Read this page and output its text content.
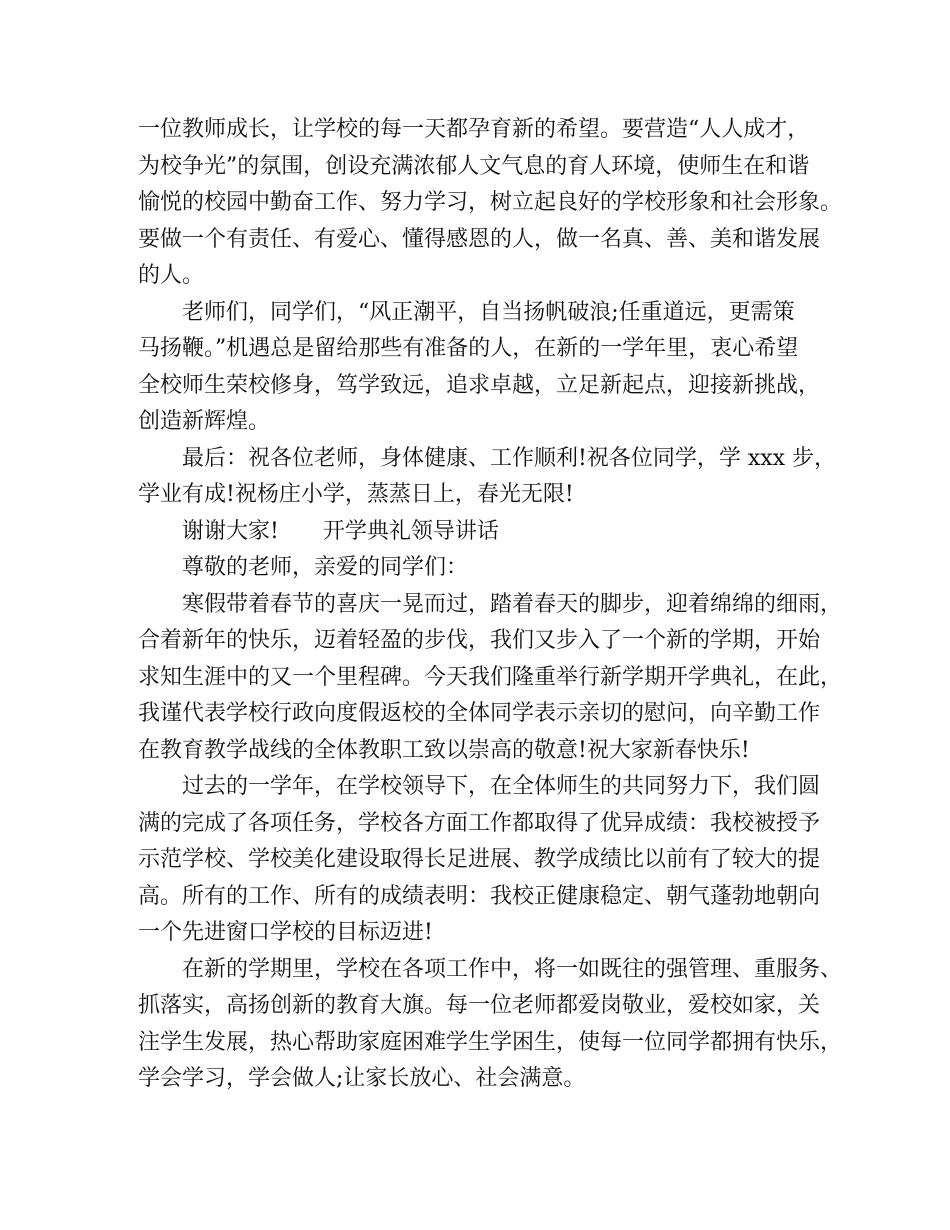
一位教师成长，让学校的每一天都孕育新的希望。要营造“人人成才，
为校争光”的氛围，创设充满浓郁人文气息的育人环境，使师生在和谐
愉悦的校园中勤奋工作、努力学习，树立起良好的学校形象和社会形象。
要做一个有责任、有爱心、懂得感恩的人，做一名真、善、美和谐发展
的人。
老师们，同学们，“风正潮平，自当扬帆破浪;任重道远，更需策
马扬鞭。”机遇总是留给那些有准备的人，在新的一学年里，衷心希望
全校师生荣校修身，笃学致远，追求卓越，立足新起点，迎接新挑战，
创造新辉煌。
最后：祝各位老师，身体健康、工作顺利!祝各位同学，学 xxx 步，
学业有成!祝杨庄小学，蒸蒸日上，春光无限!
谢谢大家! 开学典礼领导讲话
尊敬的老师，亲爱的同学们：
寒假带着春节的喜庆一晃而过，踏着春天的脚步，迎着绵绵的细雨，
合着新年的快乐，迈着轻盈的步伐，我们又步入了一个新的学期，开始
求知生涯中的又一个里程碑。今天我们隆重举行新学期开学典礼，在此，
我谨代表学校行政向度假返校的全体同学表示亲切的慰问，向辛勤工作
在教育教学战线的全体教职工致以崇高的敬意!祝大家新春快乐!
过去的一学年，在学校领导下，在全体师生的共同努力下，我们圆
满的完成了各项任务，学校各方面工作都取得了优异成绩：我校被授予
示范学校、学校美化建设取得长足进展、教学成绩比以前有了较大的提
高。所有的工作、所有的成绩表明：我校正健康稳定、朝气蓬勃地朝向
一个先进窗口学校的目标迈进!
在新的学期里，学校在各项工作中，将一如既往的强管理、重服务、
抓落实，高扬创新的教育大旗。每一位老师都爱岗敬业，爱校如家，关
注学生发展，热心帮助家庭困难学生学困生，使每一位同学都拥有快乐，
学会学习，学会做人;让家长放心、社会满意。
